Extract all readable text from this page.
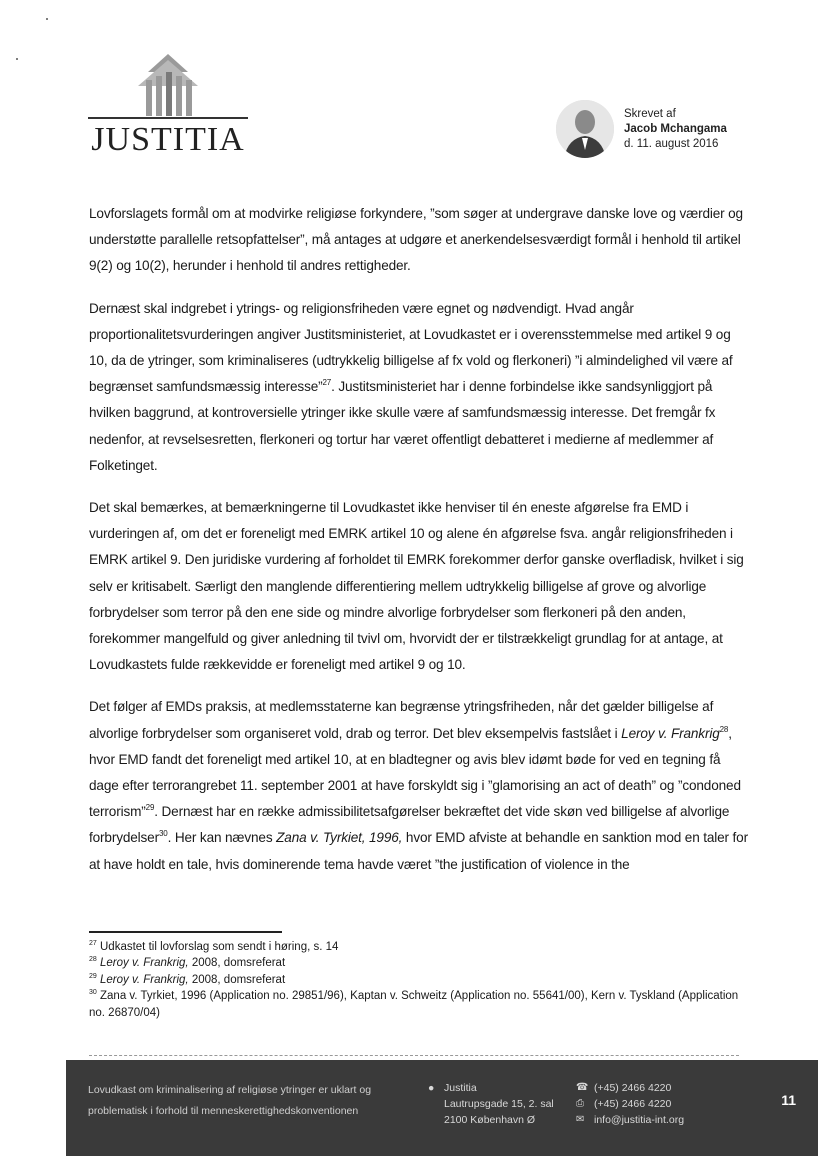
JUSTITIA
Skrevet af
Jacob Mchangama
d. 11. august 2016

Lovforslagets formål om at modvirke religiøse forkyndere, ”som søger at undergrave danske love og værdier og understøtte parallelle retsopfattelser”, må antages at udgøre et anerkendelsesværdigt formål i henhold til artikel 9(2) og 10(2), herunder i henhold til andres rettigheder.

Dernæst skal indgrebet i ytrings- og religionsfriheden være egnet og nødvendigt. Hvad angår proportionalitetsvurderingen angiver Justitsministeriet, at Lovudkastet er i overensstemmelse med artikel 9 og 10, da de ytringer, som kriminaliseres (udtrykkelig billigelse af fx vold og flerkoneri) ”i almindelighed vil være af begrænset samfundsmæssig interesse”$^{27}$. Justitsministeriet har i denne forbindelse ikke sandsynliggjort på hvilken baggrund, at kontroversielle ytringer ikke skulle være af samfundsmæssig interesse. Det fremgår fx nedenfor, at revselsesretten, flerkoneri og tortur har været offentligt debatteret i medierne af medlemmer af Folketinget.

Det skal bemærkes, at bemærkningerne til Lovudkastet ikke henviser til én eneste afgørelse fra EMD i vurderingen af, om det er foreneligt med EMRK artikel 10 og alene én afgørelse fsva. angår religionsfriheden i EMRK artikel 9. Den juridiske vurdering af forholdet til EMRK forekommer derfor ganske overfladisk, hvilket i sig selv er kritisabelt. Særligt den manglende differentiering mellem udtrykkelig billigelse af grove og alvorlige forbrydelser som terror på den ene side og mindre alvorlige forbrydelser som flerkoneri på den anden, forekommer mangelfuld og giver anledning til tvivl om, hvorvidt der er tilstrækkeligt grundlag for at antage, at Lovudkastets fulde rækkevidde er foreneligt med artikel 9 og 10.

Det følger af EMDs praksis, at medlemsstaterne kan begrænse ytringsfriheden, når det gælder billigelse af alvorlige forbrydelser som organiseret vold, drab og terror. Det blev eksempelvis fastslået i Leroy v. Frankrig$^{28}$, hvor EMD fandt det foreneligt med artikel 10, at en bladtegner og avis blev idømt bøde for ved en tegning få dage efter terrorangrebet 11. september 2001 at have forskyldt sig i ”glamorising an act of death” og ”condoned terrorism”$^{29}$. Dernæst har en række admissibilitetsafgørelser bekræftet det vide skøn ved billigelse af alvorlige forbrydelser$^{30}$. Her kan nævnes Zana v. Tyrkiet, 1996, hvor EMD afviste at behandle en sanktion mod en taler for at have holdt en tale, hvis dominerende tema havde været ”the justification of violence in the

$^{27}$ Udkastet til lovforslag som sendt i høring, s. 14

$^{28}$ Leroy v. Frankrig, 2008, domsreferat

$^{29}$ Leroy v. Frankrig, 2008, domsreferat

$^{30}$ Zana v. Tyrkiet, 1996 (Application no. 29851/96), Kaptan v. Schweitz (Application no. 55641/00), Kern v. Tyskland (Application no. 26870/04)

Lovudkast om kriminalisering af religiøse ytringer er uklart og
problematisk i forhold til menneskerettighedskonventionen
● Justitia
Lautrupsgade 15, 2. sal
2100 København Ø
☎ (+45) 2466 4220
⎙ (+45) 2466 4220
✉ info@justitia-int.org
11
